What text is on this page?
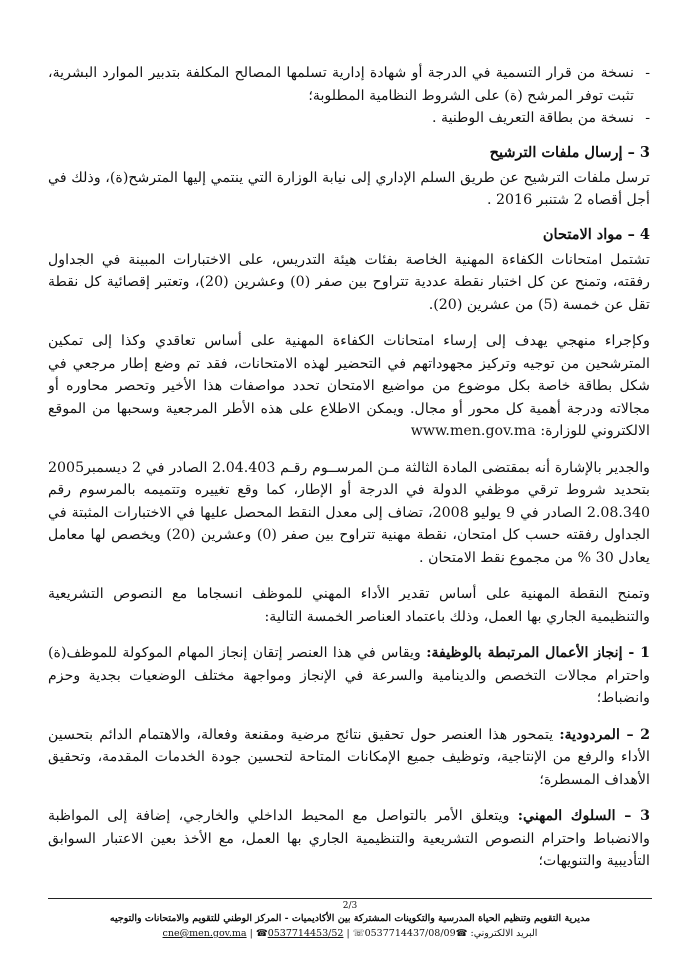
-
نسخة من قرار التسمية في الدرجة أو شهادة إدارية تسلمها المصالح المكلفة بتدبير الموارد البشرية، تثبت توفر المرشح (ة) على الشروط النظامية المطلوبة؛
-
نسخة من بطاقة التعريف الوطنية .
3 – إرسال ملفات الترشيح

ترسل ملفات الترشيح عن طريق السلم الإداري إلى نيابة الوزارة التي ينتمي إليها المترشح(ة)، وذلك في أجل أقصاه 2 شتنبر 2016 .

4 – مواد الامتحان

تشتمل امتحانات الكفاءة المهنية الخاصة بفئات هيئة التدريس، على الاختبارات المبينة في الجداول رفقته، وتمنح عن كل اختبار نقطة عددية تتراوح بين صفر (0) وعشرين (20)، وتعتبر إقصائية كل نقطة تقل عن خمسة (5) من عشرين (20).

وكإجراء منهجي يهدف إلى إرساء امتحانات الكفاءة المهنية على أساس تعاقدي وكذا إلى تمكين المترشحين من توجيه وتركيز مجهوداتهم في التحضير لهذه الامتحانات، فقد تم وضع إطار مرجعي في شكل بطاقة خاصة بكل موضوع من مواضيع الامتحان تحدد مواصفات هذا الأخير وتحصر محاوره أو مجالاته ودرجة أهمية كل محور أو مجال. ويمكن الاطلاع على هذه الأطر المرجعية وسحبها من الموقع الالكتروني للوزارة: www.men.gov.ma

والجدير بالإشارة أنه بمقتضى المادة الثالثة مـن المرســوم رقـم 2.04.403 الصادر في 2 ديسمبر2005 بتحديد شروط ترقي موظفي الدولة في الدرجة أو الإطار، كما وقع تغييره وتتميمه بالمرسوم رقم 2.08.340 الصادر في 9 يوليو 2008، تضاف إلى معدل النقط المحصل عليها في الاختبارات المثبتة في الجداول رفقته حسب كل امتحان، نقطة مهنية تتراوح بين صفر (0) وعشرين (20) ويخصص لها معامل يعادل 30 % من مجموع نقط الامتحان .

وتمنح النقطة المهنية على أساس تقدير الأداء المهني للموظف انسجاما مع النصوص التشريعية والتنظيمية الجاري بها العمل، وذلك باعتماد العناصر الخمسة التالية:

1 - إنجاز الأعمال المرتبطة بالوظيفة: ويقاس في هذا العنصر إتقان إنجاز المهام الموكولة للموظف(ة) واحترام مجالات التخصص والدينامية والسرعة في الإنجاز ومواجهة مختلف الوضعيات بجدية وحزم وانضباط؛

2 – المردودية: يتمحور هذا العنصر حول تحقيق نتائج مرضية ومقنعة وفعالة، والاهتمام الدائم بتحسين الأداء والرفع من الإنتاجية، وتوظيف جميع الإمكانات المتاحة لتحسين جودة الخدمات المقدمة، وتحقيق الأهداف المسطرة؛

3 – السلوك المهني: ويتعلق الأمر بالتواصل مع المحيط الداخلي والخارجي، إضافة إلى المواظبة والانضباط واحترام النصوص التشريعية والتنظيمية الجاري بها العمل، مع الأخذ بعين الاعتبار السوابق التأديبية والتنويهات؛

2/3
مديرية التقويم وتنظيم الحياة المدرسية والتكوينات المشتركة بين الأكاديميات - المركز الوطني للتقويم والامتحانات والتوجيه
البريد الالكتروني: ☎cne@men.gov.ma | ☎0537714453/52 | ☏0537714437/08/09
